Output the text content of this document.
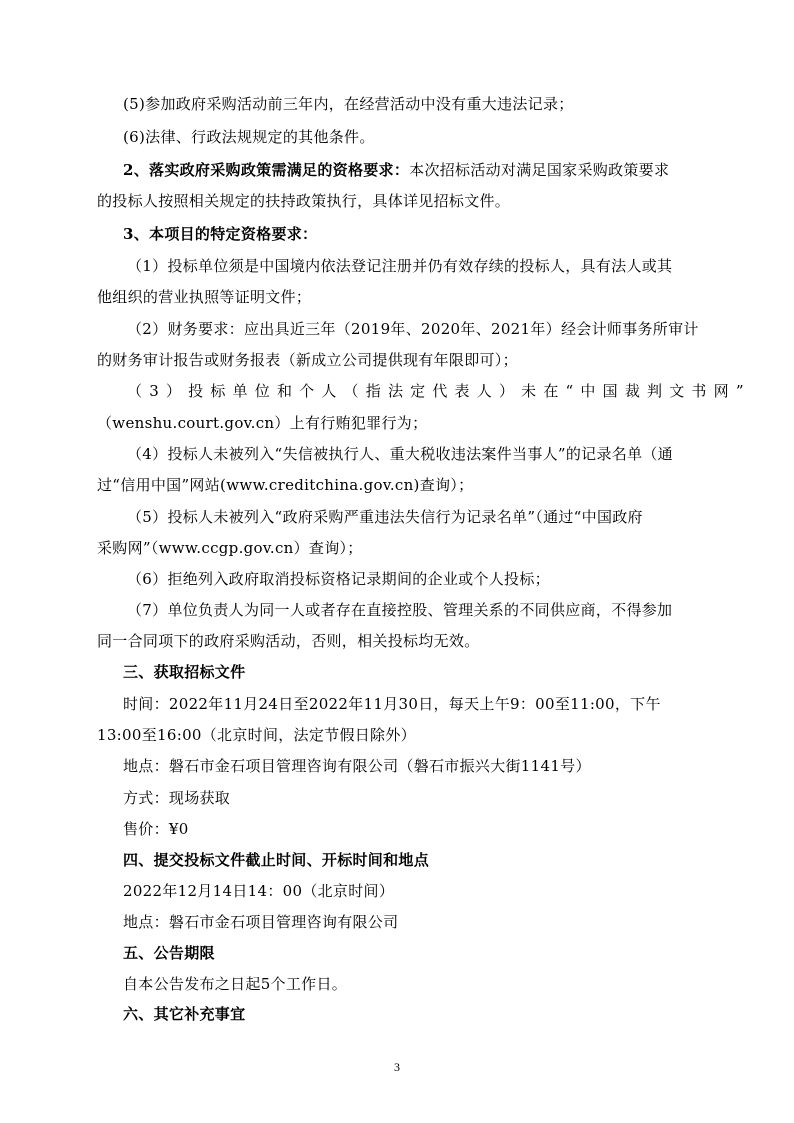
(5)参加政府采购活动前三年内，在经营活动中没有重大违法记录；
(6)法律、行政法规规定的其他条件。
2、落实政府采购政策需满足的资格要求：本次招标活动对满足国家采购政策要求
的投标人按照相关规定的扶持政策执行，具体详见招标文件。
3、本项目的特定资格要求：
（1）投标单位须是中国境内依法登记注册并仍有效存续的投标人，具有法人或其
他组织的营业执照等证明文件；
（2）财务要求：应出具近三年（2019年、2020年、2021年）经会计师事务所审计
的财务审计报告或财务报表（新成立公司提供现有年限即可）；
（3）投标单位和个人（指法定代表人）未在“中国裁判文书网”
（wenshu.court.gov.cn）上有行贿犯罪行为；
（4）投标人未被列入“失信被执行人、重大税收违法案件当事人”的记录名单（通
过“信用中国”网站(www.creditchina.gov.cn)查询）；
（5）投标人未被列入“政府采购严重违法失信行为记录名单”（通过“中国政府
采购网”（www.ccgp.gov.cn）查询）；
（6）拒绝列入政府取消投标资格记录期间的企业或个人投标；
（7）单位负责人为同一人或者存在直接控股、管理关系的不同供应商，不得参加
同一合同项下的政府采购活动，否则，相关投标均无效。
三、获取招标文件
时间：2022年11月24日至2022年11月30日，每天上午9：00至11:00，下午
13:00至16:00（北京时间，法定节假日除外）
地点：磐石市金石项目管理咨询有限公司（磐石市振兴大街1141号）
方式：现场获取
售价：¥0
四、提交投标文件截止时间、开标时间和地点
2022年12月14日14：00（北京时间）
地点：磐石市金石项目管理咨询有限公司
五、公告期限
自本公告发布之日起5个工作日。
六、其它补充事宜
3
